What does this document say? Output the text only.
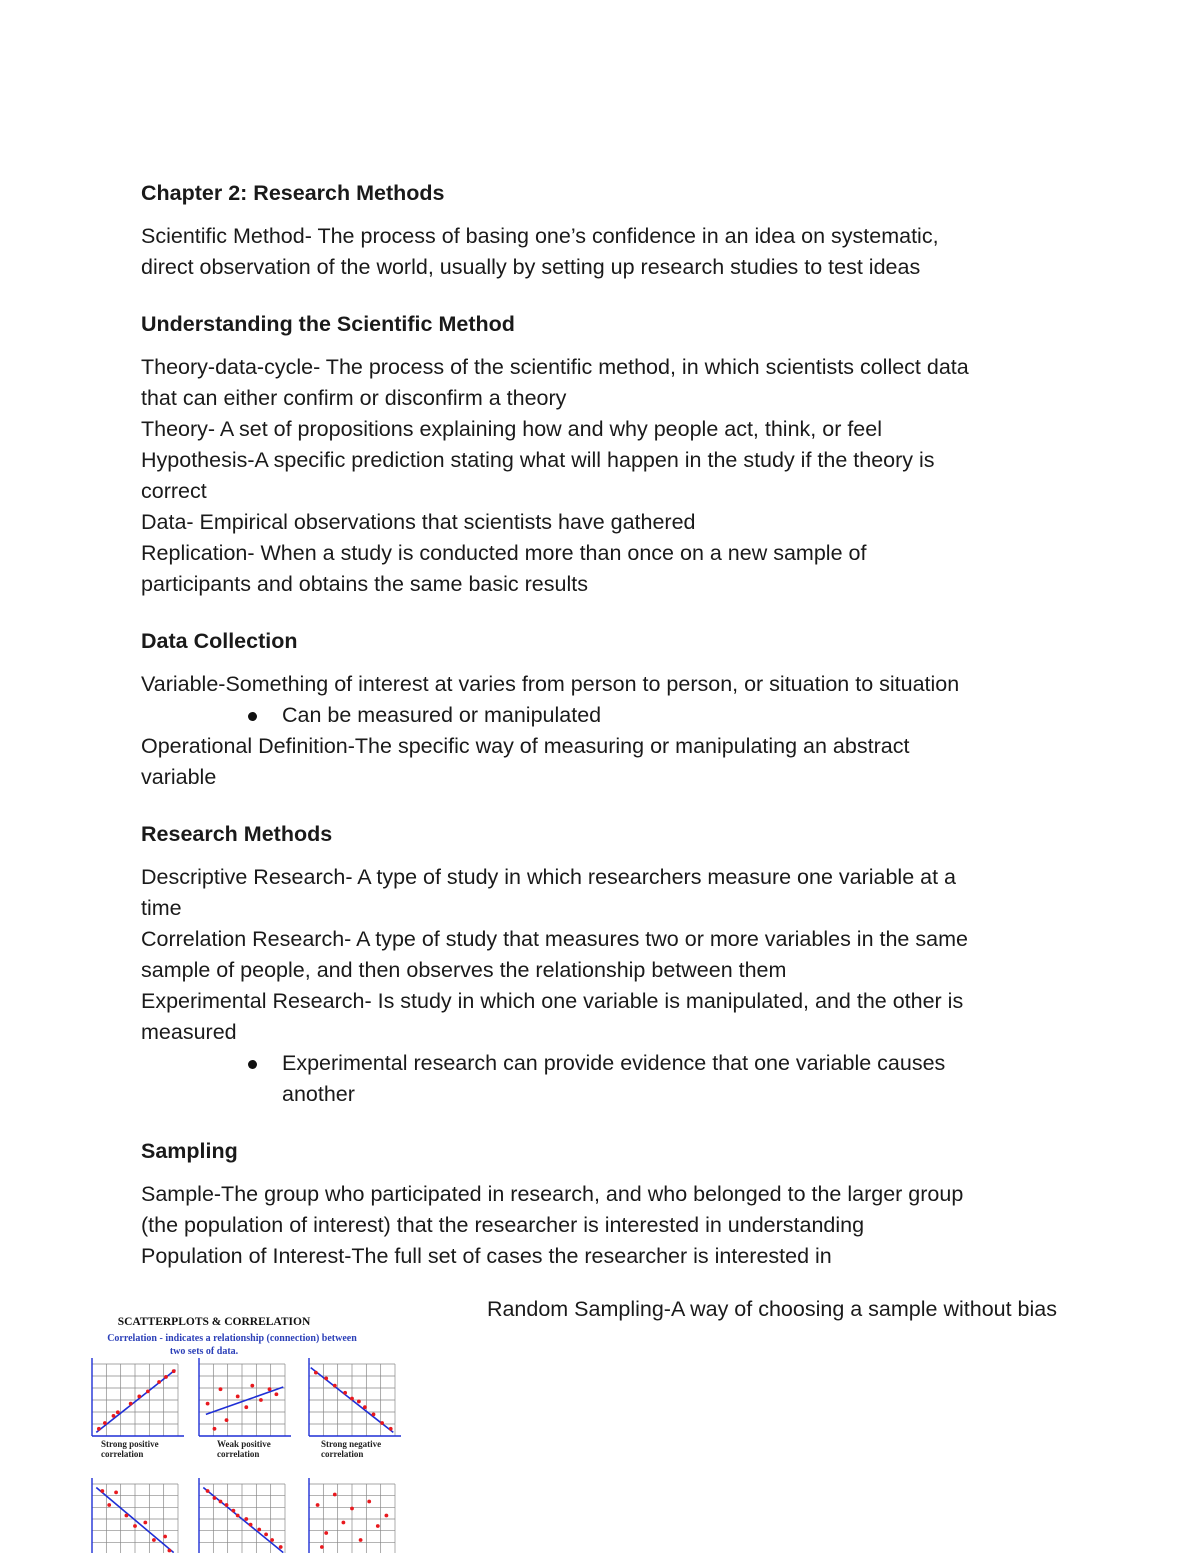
Chapter 2: Research Methods

Scientific Method- The process of basing one’s confidence in an idea on systematic,

direct observation of the world, usually by setting up research studies to test ideas

Understanding the Scientific Method

Theory-data-cycle- The process of the scientific method, in which scientists collect data

that can either confirm or disconfirm a theory

Theory- A set of propositions explaining how and why people act, think, or feel

Hypothesis-A specific prediction stating what will happen in the study if the theory is

correct

Data- Empirical observations that scientists have gathered

Replication- When a study is conducted more than once on a new sample of

participants and obtains the same basic results

Data Collection

Variable-Something of interest at varies from person to person, or situation to situation

Can be measured or manipulated

Operational Definition-The specific way of measuring or manipulating an abstract

variable

Research Methods

Descriptive Research- A type of study in which researchers measure one variable at a

time

Correlation Research- A type of study that measures two or more variables in the same

sample of people, and then observes the relationship between them

Experimental Research- Is study in which one variable is manipulated, and the other is

measured

Experimental research can provide evidence that one variable causes
another

Sampling

Sample-The group who participated in research, and who belonged to the larger group

(the population of interest) that the researcher is interested in understanding

Population of Interest-The full set of cases the researcher is interested in

Random Sampling-A way of choosing a sample without bias

SCATTERPLOTS & CORRELATION
Correlation - indicates a relationship (connection) between
two sets of data.
Strong positive
correlation
Weak positive
correlation
Strong negative
correlation
